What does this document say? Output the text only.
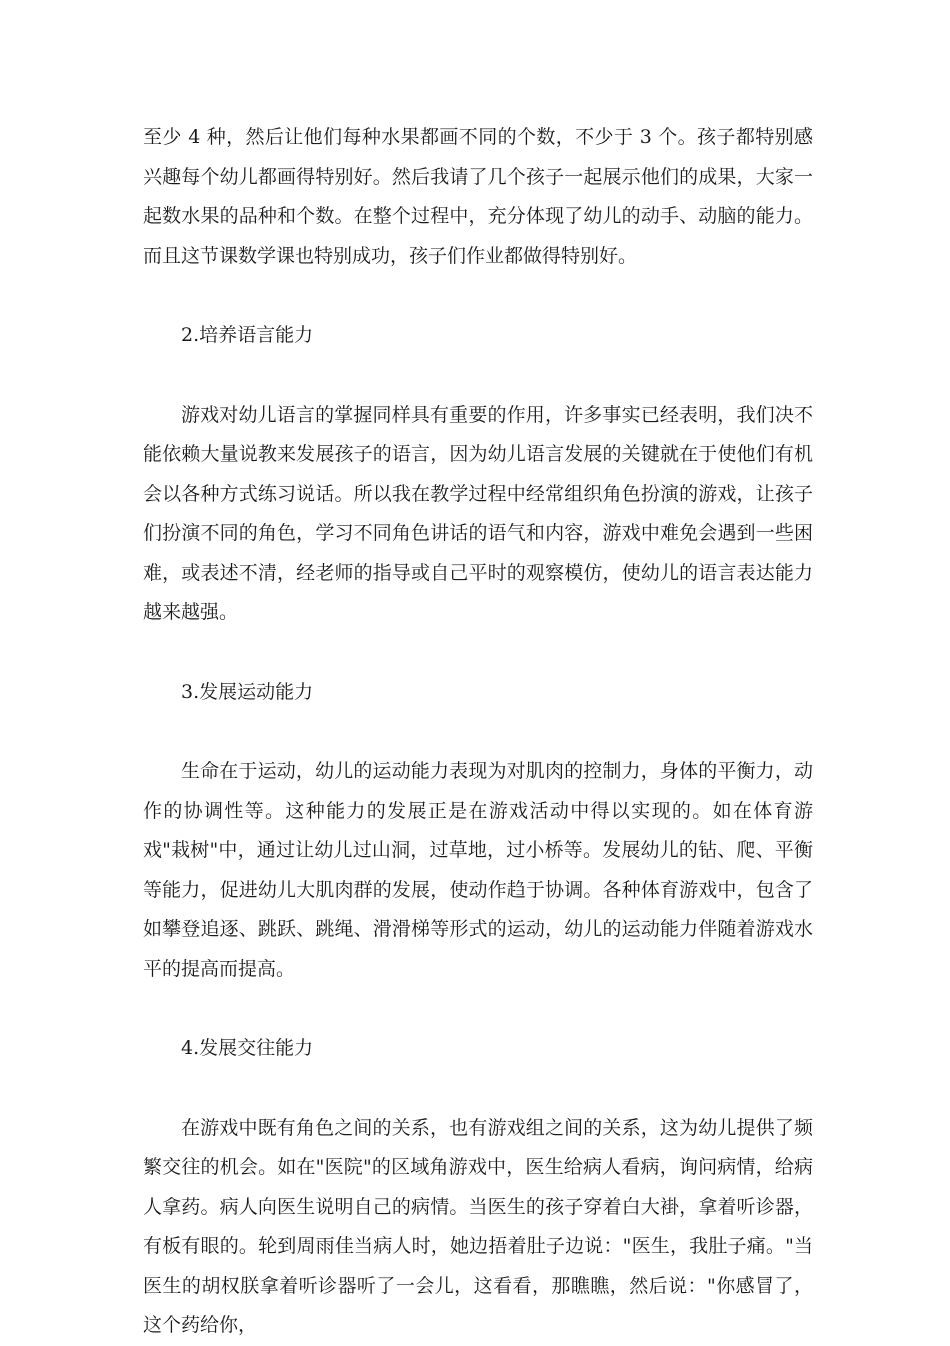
至少 4 种，然后让他们每种水果都画不同的个数，不少于 3 个。孩子都特别感兴趣每个幼儿都画得特别好。然后我请了几个孩子一起展示他们的成果，大家一起数水果的品种和个数。在整个过程中，充分体现了幼儿的动手、动脑的能力。而且这节课数学课也特别成功，孩子们作业都做得特别好。

2.培养语言能力

游戏对幼儿语言的掌握同样具有重要的作用，许多事实已经表明，我们决不能依赖大量说教来发展孩子的语言，因为幼儿语言发展的关键就在于使他们有机会以各种方式练习说话。所以我在教学过程中经常组织角色扮演的游戏，让孩子们扮演不同的角色，学习不同角色讲话的语气和内容，游戏中难免会遇到一些困难，或表述不清，经老师的指导或自己平时的观察模仿，使幼儿的语言表达能力越来越强。

3.发展运动能力

生命在于运动，幼儿的运动能力表现为对肌肉的控制力，身体的平衡力，动作的协调性等。这种能力的发展正是在游戏活动中得以实现的。如在体育游戏"栽树"中，通过让幼儿过山洞，过草地，过小桥等。发展幼儿的钻、爬、平衡等能力，促进幼儿大肌肉群的发展，使动作趋于协调。各种体育游戏中，包含了如攀登追逐、跳跃、跳绳、滑滑梯等形式的运动，幼儿的运动能力伴随着游戏水平的提高而提高。

4.发展交往能力

在游戏中既有角色之间的关系，也有游戏组之间的关系，这为幼儿提供了频繁交往的机会。如在"医院"的区域角游戏中，医生给病人看病，询问病情，给病人拿药。病人向医生说明自己的病情。当医生的孩子穿着白大褂，拿着听诊器，有板有眼的。轮到周雨佳当病人时，她边捂着肚子边说："医生，我肚子痛。"当医生的胡权朕拿着听诊器听了一会儿，这看看，那瞧瞧，然后说："你感冒了，这个药给你，
